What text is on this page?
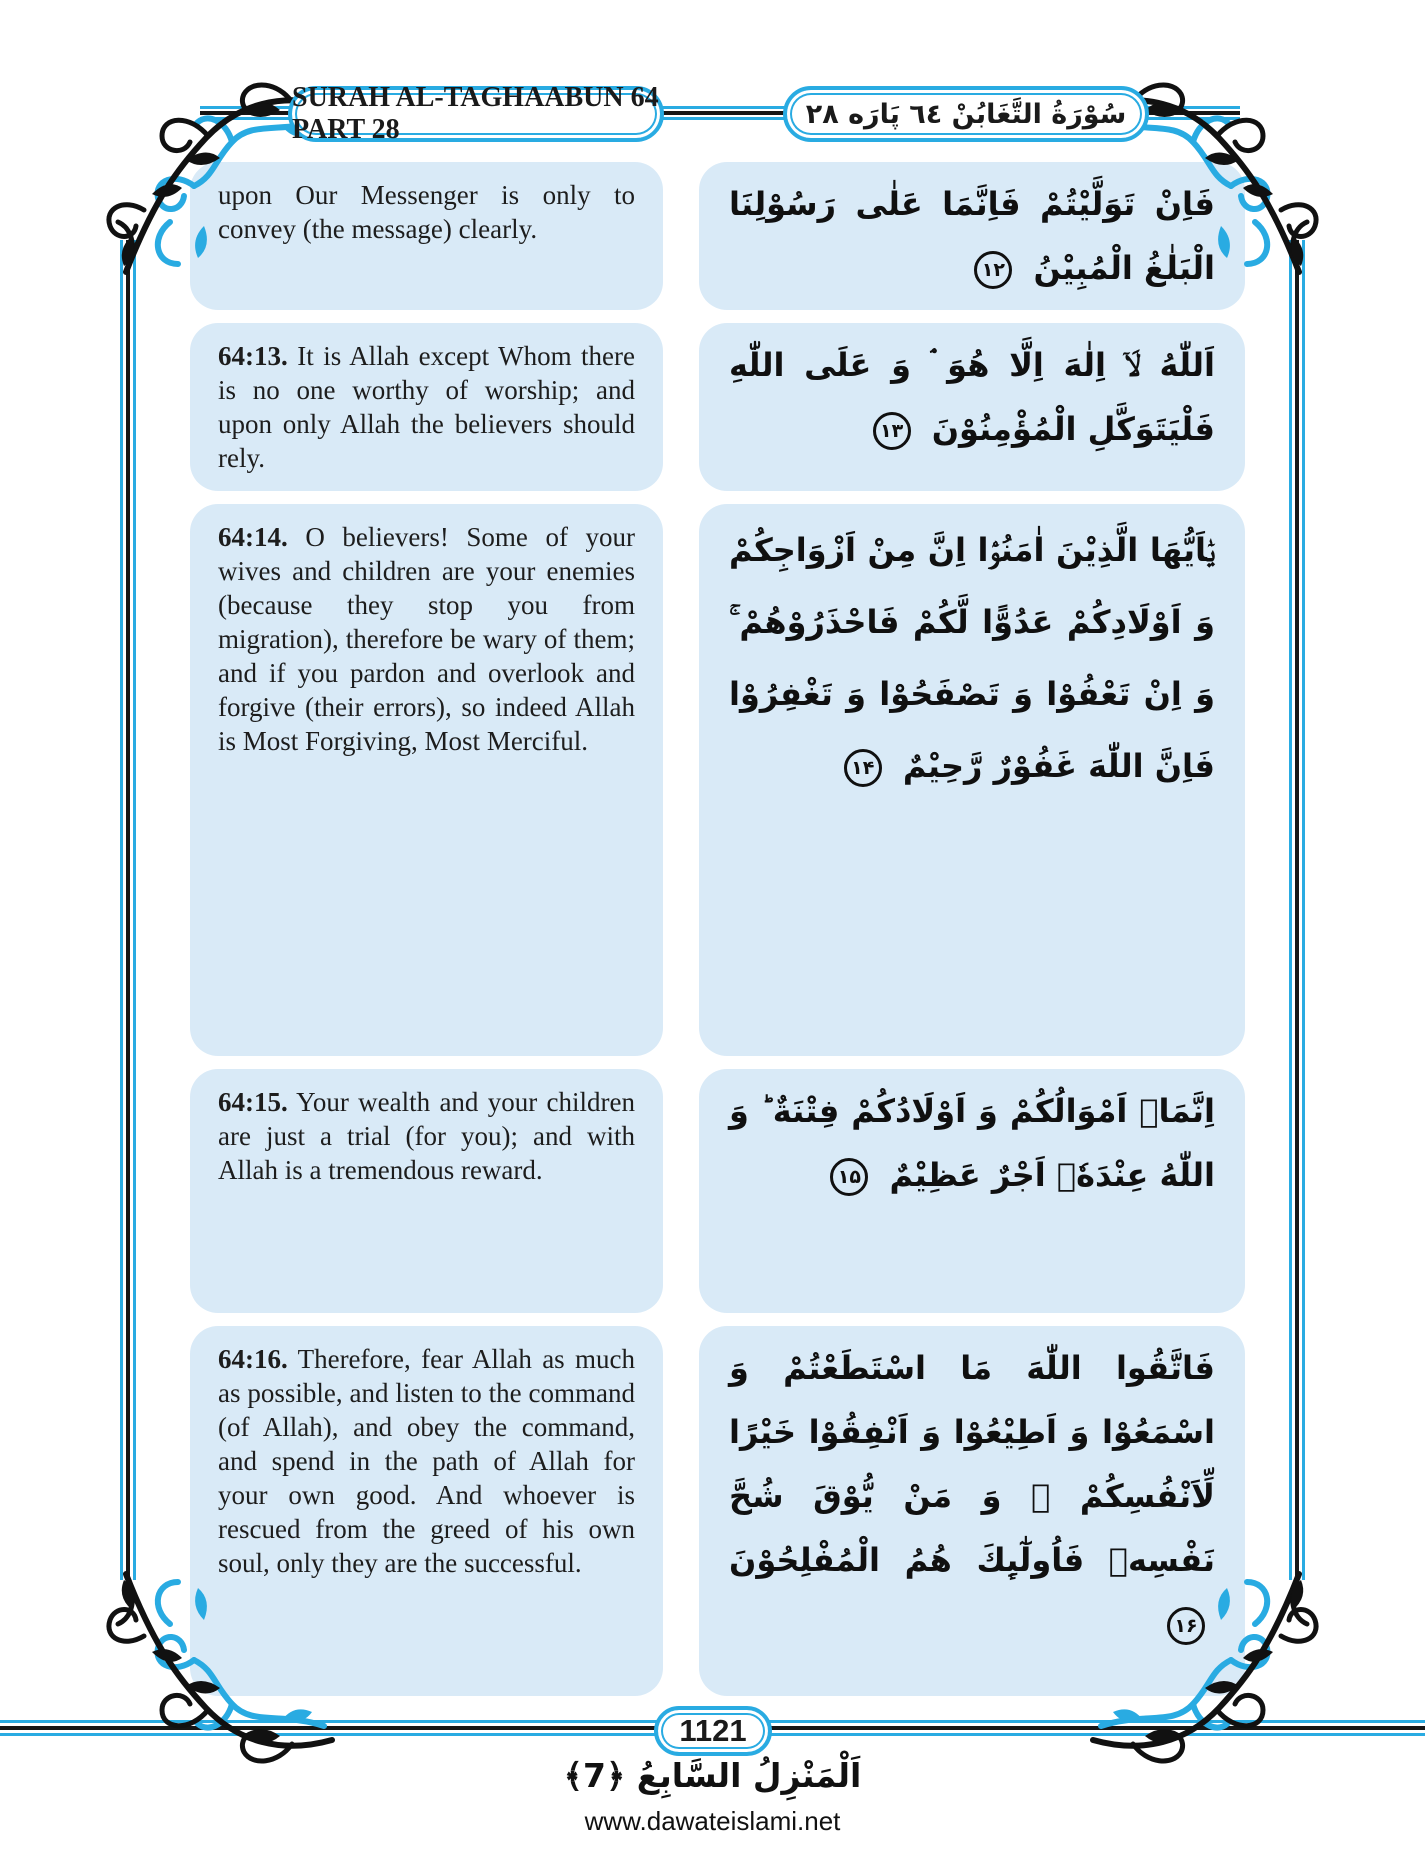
SURAH AL-TAGHAABUN 64 PART 28	سُوْرَةُ التَّغَابُنْ ٦٤ پَارَه ٢٨

upon Our Messenger is only to convey (the message) clearly.

فَاِنْ تَوَلَّيْتُمْ فَاِنَّمَا عَلٰى رَسُوْلِنَا الْبَلٰغُ الْمُبِيْنُ ۱۲

64:13. It is Allah except Whom there is no one worthy of worship; and upon only Allah the believers should rely.

اَللّٰهُ لَاۤ اِلٰهَ اِلَّا هُوَ ۘ وَ عَلَى اللّٰهِ فَلْيَتَوَكَّلِ الْمُؤْمِنُوْنَ ۱۳

64:14. O believers! Some of your wives and children are your enemies (because they stop you from migration), therefore be wary of them; and if you pardon and overlook and forgive (their errors), so indeed Allah is Most Forgiving, Most Merciful.

يٰۤاَيُّهَا الَّذِيْنَ اٰمَنُوْۤا اِنَّ مِنْ اَزْوَاجِكُمْ وَ اَوْلَادِكُمْ عَدُوًّا لَّكُمْ فَاحْذَرُوْهُمْ ۚ وَ اِنْ تَعْفُوْا وَ تَصْفَحُوْا وَ تَغْفِرُوْا فَاِنَّ اللّٰهَ غَفُوْرٌ رَّحِيْمٌ ۱۴

64:15. Your wealth and your children are just a trial (for you); and with Allah is a tremendous reward.

اِنَّمَاۤ اَمْوَالُكُمْ وَ اَوْلَادُكُمْ فِتْنَةٌ ؕ وَ اللّٰهُ عِنْدَهٗۤ اَجْرٌ عَظِيْمٌ ۱۵

64:16. Therefore, fear Allah as much as possible, and listen to the command (of Allah), and obey the command, and spend in the path of Allah for your own good. And whoever is rescued from the greed of his own soul, only they are the successful.

فَاتَّقُوا اللّٰهَ مَا اسْتَطَعْتُمْ وَ اسْمَعُوْا وَ اَطِيْعُوْا وَ اَنْفِقُوْا خَيْرًا لِّاَنْفُسِكُمْ ۚ وَ مَنْ يُّوْقَ شُحَّ نَفْسِهٖ فَاُولٰٓىِٕكَ هُمُ الْمُفْلِحُوْنَ ۱۶

1121
اَلْمَنْزِلُ السَّابِعُ ﴿7﴾
www.dawateislami.net
